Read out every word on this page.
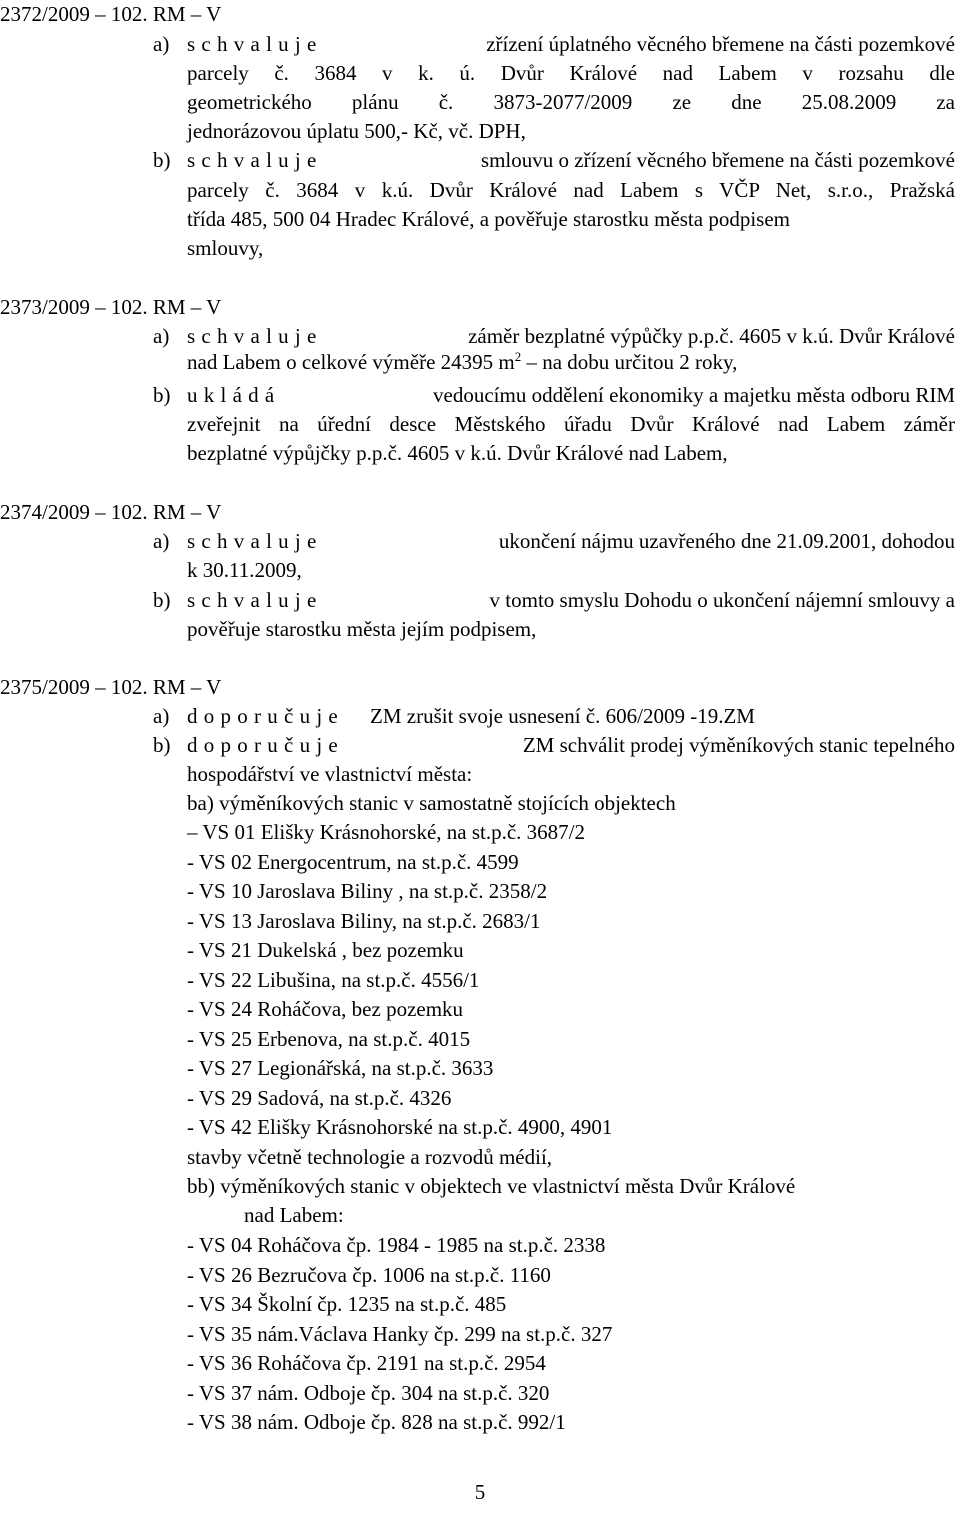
2372/2009 – 102. RM – V
a) s c h v a l u j e	zřízení úplatného věcného břemene na části pozemkové
parcely č. 3684 v k. ú. Dvůr Králové nad Labem v rozsahu dle
geometrického plánu č. 3873-2077/2009 ze dne 25.08.2009 za
jednorázovou úplatu 500,- Kč, vč. DPH,
b) s c h v a l u j e	smlouvu o zřízení věcného břemene na části pozemkové
parcely č. 3684 v k.ú. Dvůr Králové nad Labem s VČP Net, s.r.o., Pražská
třída 485, 500 04 Hradec Králové, a pověřuje starostku města podpisem
smlouvy,
2373/2009 – 102. RM – V
a) s c h v a l u j e	záměr bezplatné výpůčky p.p.č. 4605 v k.ú. Dvůr Králové
nad Labem o celkové výměře 24395 $m^2$ – na dobu určitou 2 roky,
b) u k l á d á	vedoucímu oddělení ekonomiky a majetku města odboru RIM
zveřejnit na úřední desce Městského úřadu Dvůr Králové nad Labem záměr
bezplatné výpůjčky p.p.č. 4605 v k.ú. Dvůr Králové nad Labem,
2374/2009 – 102. RM – V
a) s c h v a l u j e	ukončení nájmu uzavřeného dne 21.09.2001, dohodou
k 30.11.2009,
b) s c h v a l u j e	v tomto smyslu Dohodu o ukončení nájemní smlouvy a
pověřuje starostku města jejím podpisem,
2375/2009 – 102. RM – V
a) d o p o r u č u j e ZM zrušit svoje usnesení č. 606/2009 -19.ZM
b) d o p o r u č u j e	ZM schválit prodej výměníkových stanic tepelného
hospodářství ve vlastnictví města:
ba) výměníkových stanic v samostatně stojících objektech
– VS 01 Elišky Krásnohorské, na st.p.č. 3687/2
- VS 02 Energocentrum, na st.p.č. 4599
- VS 10 Jaroslava Biliny , na st.p.č. 2358/2
- VS 13 Jaroslava Biliny, na st.p.č. 2683/1
- VS 21 Dukelská , bez pozemku
- VS 22 Libušina, na st.p.č. 4556/1
- VS 24 Roháčova, bez pozemku
- VS 25 Erbenova, na st.p.č. 4015
- VS 27 Legionářská, na st.p.č. 3633
- VS 29 Sadová, na st.p.č. 4326
- VS 42 Elišky Krásnohorské na st.p.č. 4900, 4901
stavby včetně technologie a rozvodů médií,
bb) výměníkových stanic v objektech ve vlastnictví města Dvůr Králové
nad Labem:
- VS 04 Roháčova čp. 1984 - 1985 na st.p.č. 2338
- VS 26 Bezručova čp. 1006 na st.p.č. 1160
- VS 34 Školní čp. 1235 na st.p.č. 485
- VS 35 nám.Václava Hanky čp. 299 na st.p.č. 327
- VS 36 Roháčova čp. 2191 na st.p.č. 2954
- VS 37 nám. Odboje čp. 304 na st.p.č. 320
- VS 38 nám. Odboje čp. 828 na st.p.č. 992/1
5
